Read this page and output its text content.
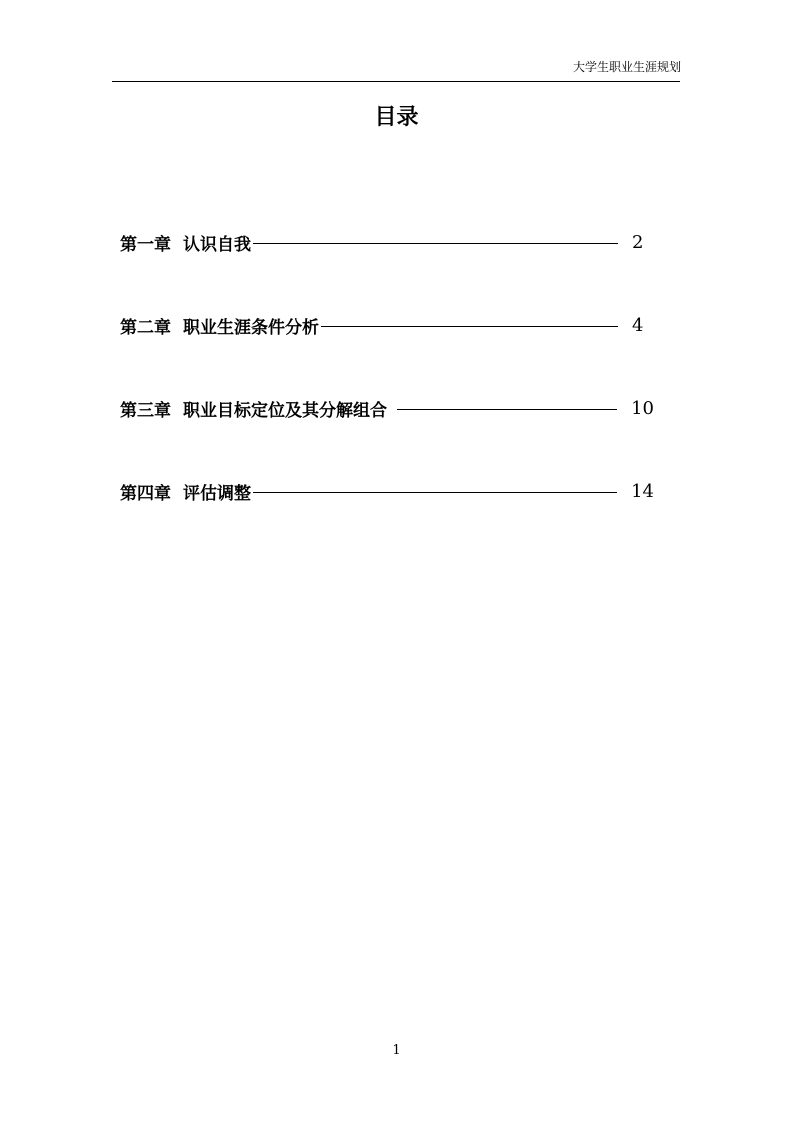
大学生职业生涯规划
目录
第一章 认识自我	2
第二章 职业生涯条件分析	4
第三章 职业目标定位及其分解组合	10
第四章 评估调整	14
1
